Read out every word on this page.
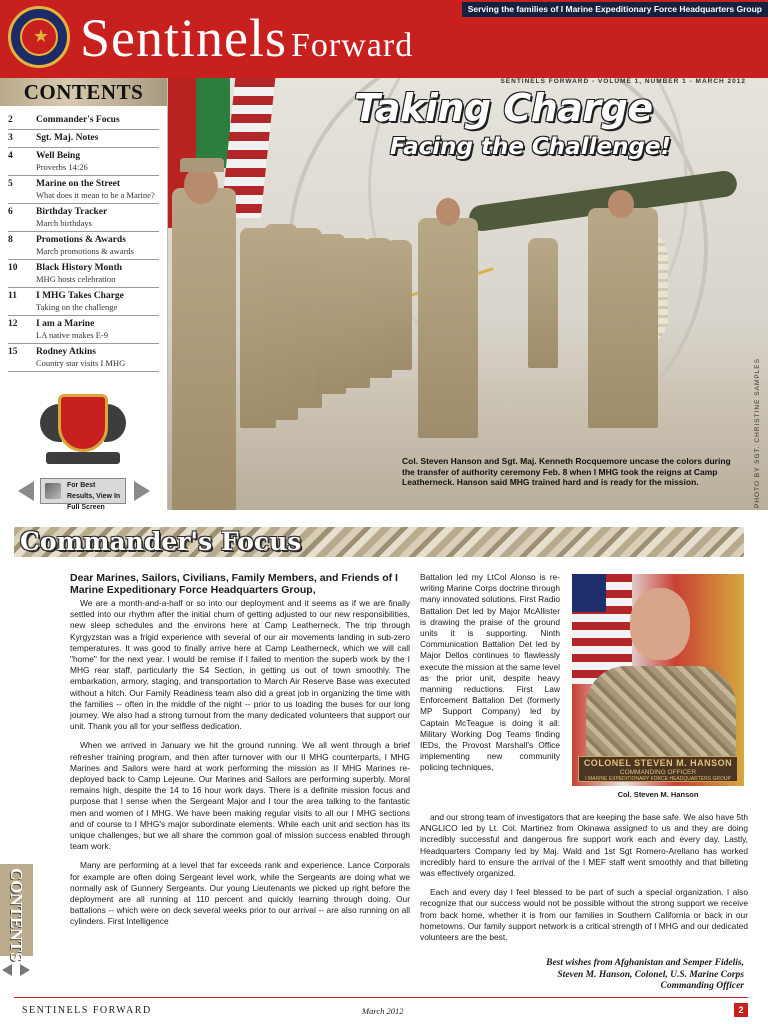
Serving the families of I Marine Expeditionary Force Headquarters Group
★ Sentinels Forward
CONTENTS
2 Commander's Focus
3 Sgt. Maj. Notes
4 Well Being
Proverbs 14:26
5 Marine on the Street
What does it mean to be a Marine?
6 Birthday Tracker
March birthdays
8 Promotions & Awards
March promotions & awards
10 Black History Month
MHG hosts celebration
11 I MHG Takes Charge
Taking on the challenge
12 I am a Marine
LA native makes E-9
15 Rodney Atkins
Country star visits I MHG
For Best Results, View In Full Screen
SENTINELS FORWARD - VOLUME 1, NUMBER 1 - MARCH 2012
Taking Charge
Facing the Challenge!
Col. Steven Hanson and Sgt. Maj. Kenneth Rocquemore uncase the colors during the transfer of authority ceremony Feb. 8 when I MHG took the reigns at Camp Leatherneck. Hanson said MHG trained hard and is ready for the mission.	PHOTO BY SGT. CHRISTINE SAMPLES
Commander's Focus
CONTENTS
Dear Marines, Sailors, Civilians, Family Members, and Friends of I Marine Expeditionary Force Headquarters Group,

We are a month-and-a-half or so into our deployment and it seems as if we are finally settled into our rhythm after the initial churn of getting adjusted to our new responsibilities, new sleep schedules and the environs here at Camp Leatherneck. The trip through Kyrgyzstan was a frigid experience with several of our air movements landing in sub-zero temperatures. It was good to finally arrive here at Camp Leatherneck, which we will call "home" for the next year. I would be remise if I failed to mention the superb work by the I MHG rear staff, particularly the S4 Section, in getting us out of town smoothly. The embarkation, armory, staging, and transportation to March Air Reserve Base was executed without a hitch. Our Family Readiness team also did a great job in organizing the time with the families -- often in the middle of the night -- prior to us loading the buses for our long journey. We also had a strong turnout from the many dedicated volunteers that support our unit. Thank you all for your selfless dedication.

When we arrived in January we hit the ground running. We all went through a brief refresher training program, and then after turnover with our II MHG counterparts, I MHG Marines and Sailors were hard at work performing the mission as II MHG Marines re-deployed back to Camp Lejeune. Our Marines and Sailors are performing superbly. Moral remains high, despite the 14 to 16 hour work days. There is a definite mission focus and purpose that I sense when the Sergeant Major and I tour the area talking to the fantastic men and women of I MHG. We have been making regular visits to all our I MHG sections and of course to I MHG's major subordinate elements. While each unit and section has its unique challenges, but we all share the common goal of mission success enabled through team work.

Many are performing at a level that far exceeds rank and experience. Lance Corporals for example are often doing Sergeant level work, while the Sergeants are doing what we normally ask of Gunnery Sergeants. Our young Lieutenants we picked up right before the deployment are all running at 110 percent and quickly learning through doing. Our battalions -- which were on deck several weeks prior to our arrival -- are also running on all cylinders. First Intelligence

Battalion led my LtCol Alonso is re-writing Marine Corps doctrine through many innovated solutions. First Radio Battalion Det led by Major McAllister is drawing the praise of the ground units it is supporting. Ninth Communication Battalion Det led by Major Dellos continues to flawlessly execute the mission at the same level as the prior unit, despite heavy manning reductions. First Law Enforcement Battalion Det (formerly MP Support Company) led by Captain McTeague is doing it all: Military Working Dog Teams finding IEDs, the Provost Marshall's Office implementing new community policing techniques,	COLONEL STEVEN M. HANSON
COMMANDING OFFICER
I MARINE EXPEDITIONARY FORCE HEADQUARTERS GROUP
Col. Steven M. Hanson

and our strong team of investigators that are keeping the base safe. We also have 5th ANGLICO led by Lt. Col. Martinez from Okinawa assigned to us and they are doing incredibly successful and dangerous fire support work each and every day. Lastly, Headquarters Company led by Maj. Wald and 1st Sgt Romero-Arellano has worked incredibly hard to ensure the arrival of the I MEF staff went smoothly and that billeting was effectively organized.

Each and every day I feel blessed to be part of such a special organization. I also recognize that our success would not be possible without the strong support we receive from back home, whether it is from our families in Southern California or back in our hometowns. Our family support network is a critical strength of I MHG and our dedicated volunteers are the best.

Best wishes from Afghanistan and Semper Fidelis,
Steven M. Hanson, Colonel, U.S. Marine Corps
Commanding Officer
SENTINELS FORWARD	March 2012	2
